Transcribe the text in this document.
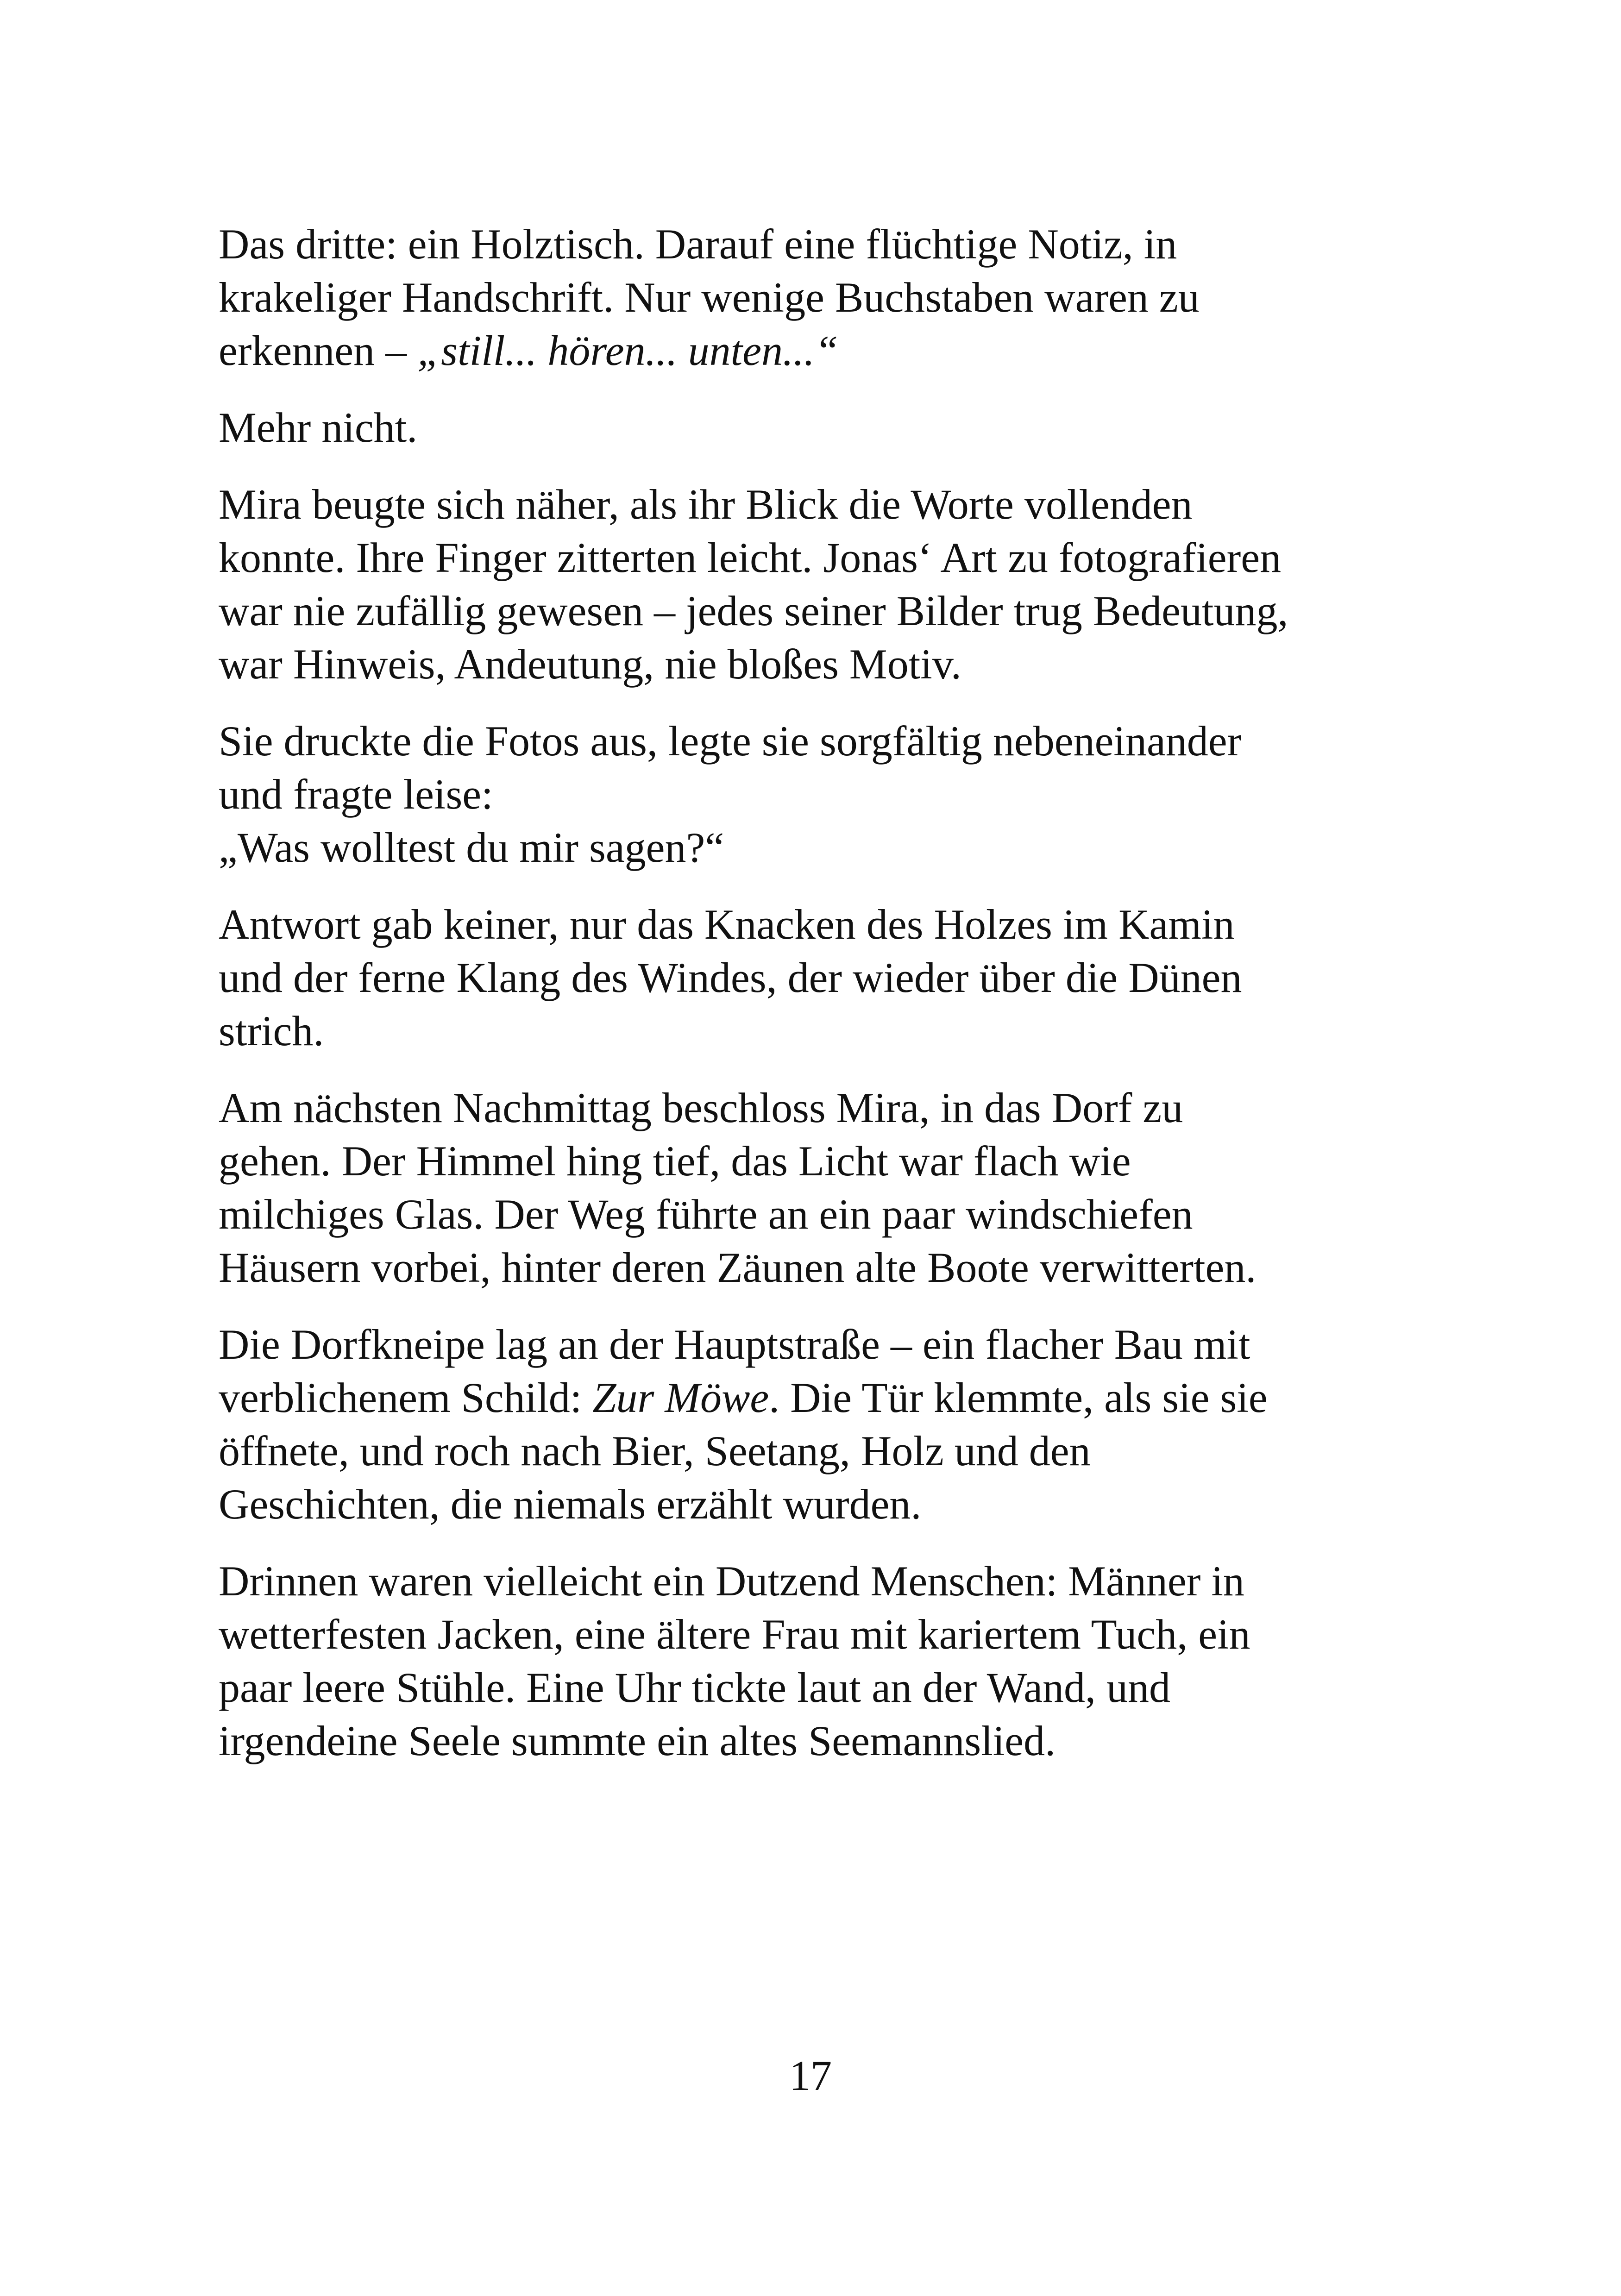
Das dritte: ein Holztisch. Darauf eine flüchtige Notiz, in
krakeliger Handschrift. Nur wenige Buchstaben waren zu
erkennen – „still... hören... unten...“

Mehr nicht.

Mira beugte sich näher, als ihr Blick die Worte vollenden
konnte. Ihre Finger zitterten leicht. Jonas‘ Art zu fotografieren
war nie zufällig gewesen – jedes seiner Bilder trug Bedeutung,
war Hinweis, Andeutung, nie bloßes Motiv.

Sie druckte die Fotos aus, legte sie sorgfältig nebeneinander
und fragte leise:
„Was wolltest du mir sagen?“

Antwort gab keiner, nur das Knacken des Holzes im Kamin
und der ferne Klang des Windes, der wieder über die Dünen
strich.

Am nächsten Nachmittag beschloss Mira, in das Dorf zu
gehen. Der Himmel hing tief, das Licht war flach wie
milchiges Glas. Der Weg führte an ein paar windschiefen
Häusern vorbei, hinter deren Zäunen alte Boote verwitterten.

Die Dorfkneipe lag an der Hauptstraße – ein flacher Bau mit
verblichenem Schild: Zur Möwe. Die Tür klemmte, als sie sie
öffnete, und roch nach Bier, Seetang, Holz und den
Geschichten, die niemals erzählt wurden.

Drinnen waren vielleicht ein Dutzend Menschen: Männer in
wetterfesten Jacken, eine ältere Frau mit kariertem Tuch, ein
paar leere Stühle. Eine Uhr tickte laut an der Wand, und
irgendeine Seele summte ein altes Seemannslied.

17
